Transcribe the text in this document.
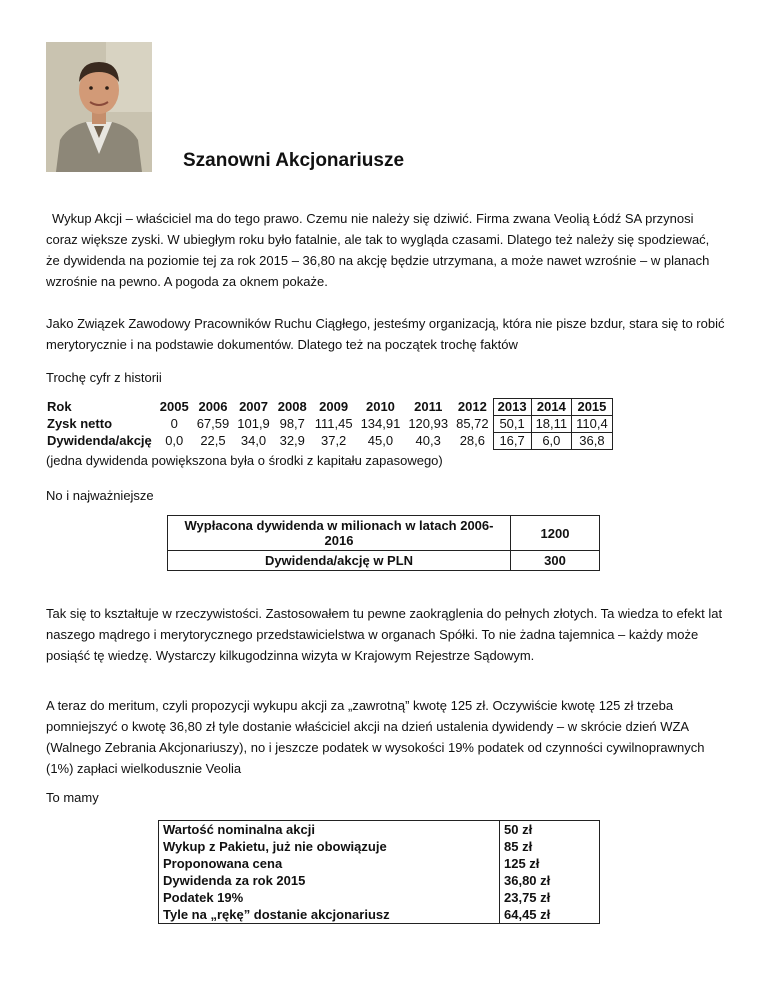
Szanowni Akcjonariusze

Wykup Akcji – właściciel ma do tego prawo. Czemu nie należy się dziwić. Firma zwana Veolią Łódź SA przynosi coraz większe zyski. W ubiegłym roku było fatalnie, ale tak to wygląda czasami. Dlatego też należy się spodziewać, że dywidenda na poziomie tej za rok 2015 – 36,80 na akcję będzie utrzymana, a może nawet wzrośnie – w planach wzrośnie na pewno. A pogoda za oknem pokaże.

Jako Związek Zawodowy Pracowników Ruchu Ciągłego, jesteśmy organizacją, która nie pisze bzdur, stara się to robić merytorycznie i na podstawie dokumentów. Dlatego też na początek trochę faktów

Trochę cyfr z historii

Rok	2005	2006	2007	2008	2009	2010	2011	2012	2013	2014	2015
Zysk netto	0	67,59	101,9	98,7	111,45	134,91	120,93	85,72	50,1	18,11	110,4
Dywidenda/akcję	0,0	22,5	34,0	32,9	37,2	45,0	40,3	28,6	16,7	6,0	36,8
(jedna dywidenda powiększona była o środki z kapitału zapasowego)

No i najważniejsze

Wypłacona dywidenda w milionach w latach 2006-2016	1200
Dywidenda/akcję w PLN	300

Tak się to kształtuje w rzeczywistości. Zastosowałem tu pewne zaokrąglenia do pełnych złotych. Ta wiedza to efekt lat naszego mądrego i merytorycznego przedstawicielstwa w organach Spółki. To nie żadna tajemnica – każdy może posiąść tę wiedzę. Wystarczy kilkugodzinna wizyta w Krajowym Rejestrze Sądowym.

A teraz do meritum, czyli propozycji wykupu akcji za „zawrotną” kwotę 125 zł. Oczywiście kwotę 125 zł trzeba pomniejszyć o kwotę 36,80 zł tyle dostanie właściciel akcji na dzień ustalenia dywidendy – w skrócie dzień WZA (Walnego Zebrania Akcjonariuszy), no i jeszcze podatek w wysokości 19% podatek od czynności cywilnoprawnych (1%) zapłaci wielkodusznie Veolia

To mamy

Wartość nominalna akcji	50 zł
Wykup z Pakietu, już nie obowiązuje	85 zł
Proponowana cena	125 zł
Dywidenda za rok 2015	36,80 zł
Podatek 19%	23,75 zł
Tyle na „rękę” dostanie akcjonariusz	64,45 zł
